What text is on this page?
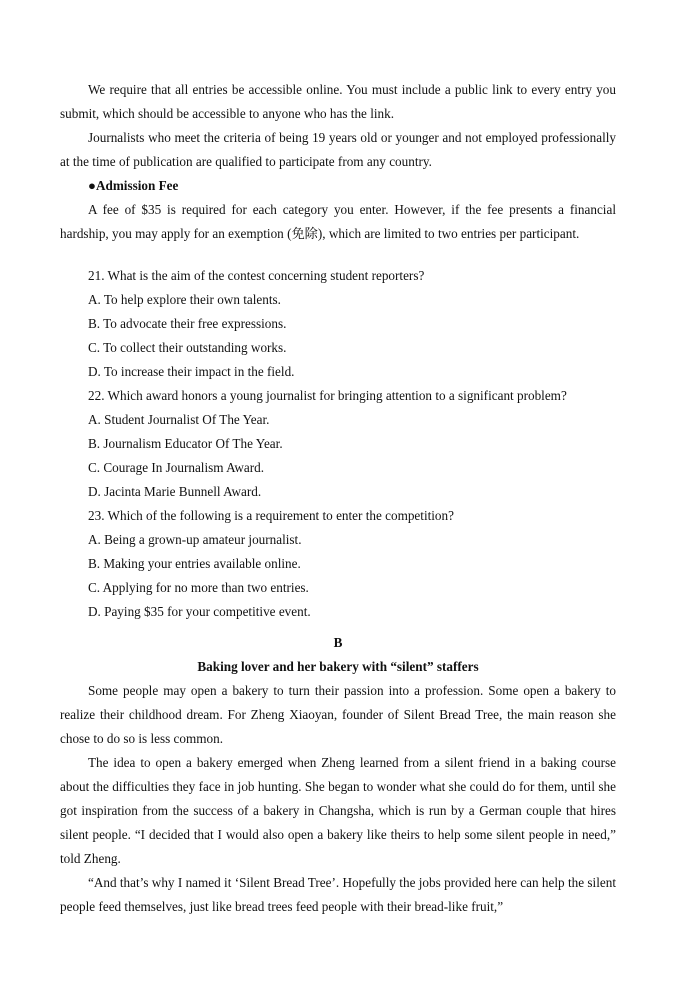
We require that all entries be accessible online. You must include a public link to every entry you submit, which should be accessible to anyone who has the link.

Journalists who meet the criteria of being 19 years old or younger and not employed professionally at the time of publication are qualified to participate from any country.

●Admission Fee

A fee of $35 is required for each category you enter. However, if the fee presents a financial hardship, you may apply for an exemption (免除), which are limited to two entries per participant.

21. What is the aim of the contest concerning student reporters?

A. To help explore their own talents.

B. To advocate their free expressions.

C. To collect their outstanding works.

D. To increase their impact in the field.

22. Which award honors a young journalist for bringing attention to a significant problem?

A. Student Journalist Of The Year.

B. Journalism Educator Of The Year.

C. Courage In Journalism Award.

D. Jacinta Marie Bunnell Award.

23. Which of the following is a requirement to enter the competition?

A. Being a grown-up amateur journalist.

B. Making your entries available online.

C. Applying for no more than two entries.

D. Paying $35 for your competitive event.

B

Baking lover and her bakery with “silent” staffers

Some people may open a bakery to turn their passion into a profession. Some open a bakery to realize their childhood dream. For Zheng Xiaoyan, founder of Silent Bread Tree, the main reason she chose to do so is less common.

The idea to open a bakery emerged when Zheng learned from a silent friend in a baking course about the difficulties they face in job hunting. She began to wonder what she could do for them, until she got inspiration from the success of a bakery in Changsha, which is run by a German couple that hires silent people. “I decided that I would also open a bakery like theirs to help some silent people in need,” told Zheng.

“And that’s why I named it ‘Silent Bread Tree’. Hopefully the jobs provided here can help the silent people feed themselves, just like bread trees feed people with their bread-like fruit,”
